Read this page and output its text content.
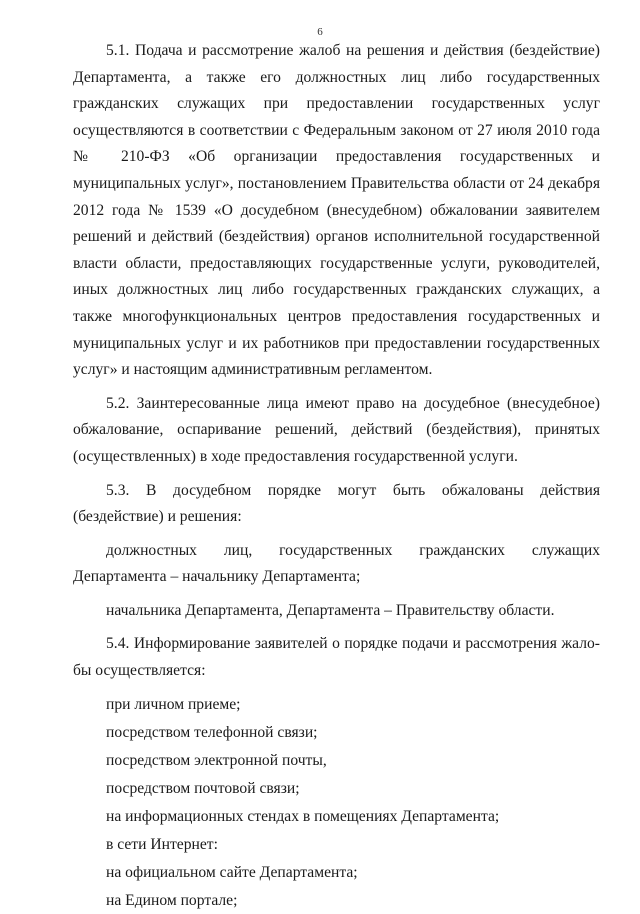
6

5.1. Подача и рассмотрение жалоб на решения и действия (бездействие) Департамента, а также его должностных лиц либо государственных гражданских служащих при предоставлении государственных услуг осуществляются в соответствии с Федеральным законом от 27 июля 2010 года № 210-ФЗ «Об организации предоставления государственных и муниципальных услуг», постановлением Правительства области от 24 декабря 2012 года № 1539 «О досудебном (внесудебном) обжаловании заявителем решений и действий (бездействия) органов исполнительной государственной власти области, предоставляющих государственные услуги, руководителей, иных должностных лиц либо государственных гражданских служащих, а также многофункциональных центров предоставления государственных и муниципальных услуг и их работников при предоставлении государственных услуг» и настоящим административным регламентом.

5.2. Заинтересованные лица имеют право на досудебное (внесудебное) обжалование, оспаривание решений, действий (бездействия), принятых (осуществленных) в ходе предоставления государственной услуги.

5.3. В досудебном порядке могут быть обжалованы действия (бездействие) и решения:

должностных лиц, государственных гражданских служащих Департамента – начальнику Департамента;

начальника Департамента, Департамента – Правительству области.

5.4. Информирование заявителей о порядке подачи и рассмотрения жалобы осуществляется:

при личном приеме;

посредством телефонной связи;

посредством электронной почты,

посредством почтовой связи;

на информационных стендах в помещениях Департамента;

в сети Интернет:

на официальном сайте Департамента;

на Едином портале;
